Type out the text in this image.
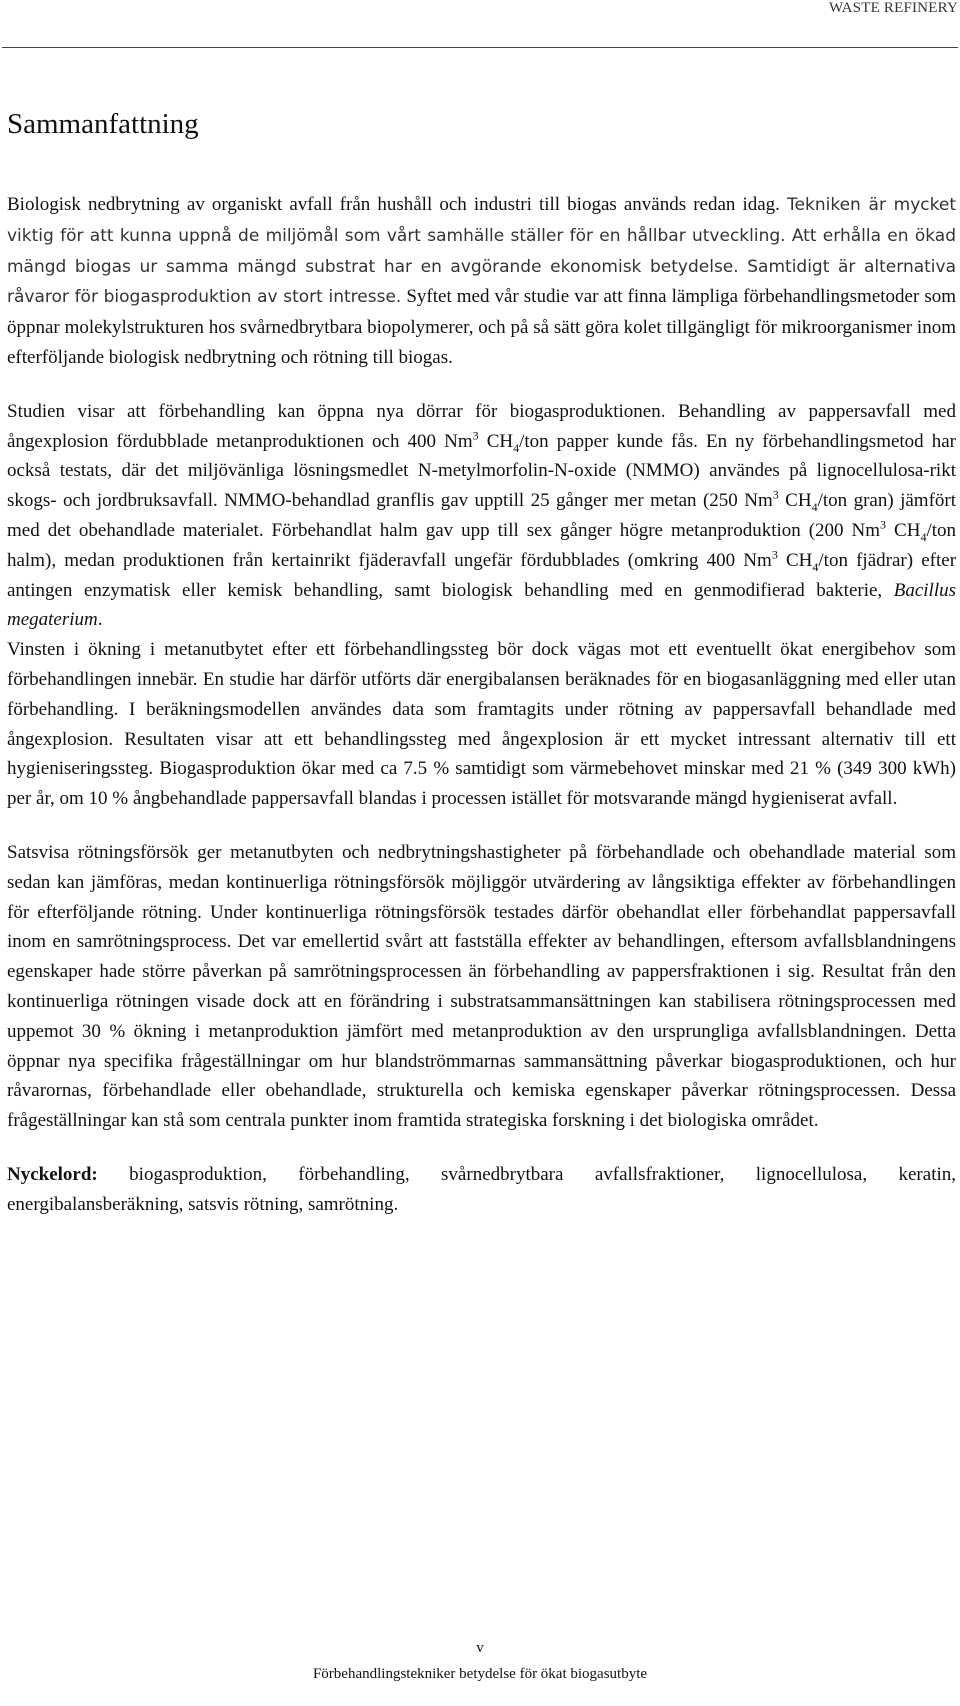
WASTE REFINERY
Sammanfattning

Biologisk nedbrytning av organiskt avfall från hushåll och industri till biogas används redan idag. Tekniken är mycket viktig för att kunna uppnå de miljömål som vårt samhälle ställer för en hållbar utveckling. Att erhålla en ökad mängd biogas ur samma mängd substrat har en avgörande ekonomisk betydelse. Samtidigt är alternativa råvaror för biogasproduktion av stort intresse. Syftet med vår studie var att finna lämpliga förbehandlingsmetoder som öppnar molekylstrukturen hos svårnedbrytbara biopolymerer, och på så sätt göra kolet tillgängligt för mikroorganismer inom efterföljande biologisk nedbrytning och rötning till biogas.

Studien visar att förbehandling kan öppna nya dörrar för biogasproduktionen. Behandling av pappersavfall med ångexplosion fördubblade metanproduktionen och 400 Nm$^3$ $CH_4$/ton papper kunde fås. En ny förbehandlingsmetod har också testats, där det miljövänliga lösningsmedlet N-metylmorfolin-N-oxide (NMMO) användes på lignocellulosa-rikt skogs- och jordbruksavfall. NMMO-behandlad granflis gav upptill 25 gånger mer metan (250 Nm$^3$ $CH_4$/ton gran) jämfört med det obehandlade materialet. Förbehandlat halm gav upp till sex gånger högre metanproduktion (200 Nm$^3$ $CH_4$/ton halm), medan produktionen från kertainrikt fjäderavfall ungefär fördubblades (omkring 400 Nm$^3$ $CH_4$/ton fjädrar) efter antingen enzymatisk eller kemisk behandling, samt biologisk behandling med en genmodifierad bakterie, Bacillus megaterium.
Vinsten i ökning i metanutbytet efter ett förbehandlingssteg bör dock vägas mot ett eventuellt ökat energibehov som förbehandlingen innebär. En studie har därför utförts där energibalansen beräknades för en biogasanläggning med eller utan förbehandling. I beräkningsmodellen användes data som framtagits under rötning av pappersavfall behandlade med ångexplosion. Resultaten visar att ett behandlingssteg med ångexplosion är ett mycket intressant alternativ till ett hygieniseringssteg. Biogasproduktion ökar med ca 7.5 % samtidigt som värmebehovet minskar med 21 % (349 300 kWh) per år, om 10 % ångbehandlade pappersavfall blandas i processen istället för motsvarande mängd hygieniserat avfall.

Satsvisa rötningsförsök ger metanutbyten och nedbrytningshastigheter på förbehandlade och obehandlade material som sedan kan jämföras, medan kontinuerliga rötningsförsök möjliggör utvärdering av långsiktiga effekter av förbehandlingen för efterföljande rötning. Under kontinuerliga rötningsförsök testades därför obehandlat eller förbehandlat pappersavfall inom en samrötningsprocess. Det var emellertid svårt att fastställa effekter av behandlingen, eftersom avfallsblandningens egenskaper hade större påverkan på samrötningsprocessen än förbehandling av pappersfraktionen i sig. Resultat från den kontinuerliga rötningen visade dock att en förändring i substratsammansättningen kan stabilisera rötningsprocessen med uppemot 30 % ökning i metanproduktion jämfört med metanproduktion av den ursprungliga avfallsblandningen. Detta öppnar nya specifika frågeställningar om hur blandströmmarnas sammansättning påverkar biogasproduktionen, och hur råvarornas, förbehandlade eller obehandlade, strukturella och kemiska egenskaper påverkar rötningsprocessen. Dessa frågeställningar kan stå som centrala punkter inom framtida strategiska forskning i det biologiska området.

Nyckelord: biogasproduktion, förbehandling, svårnedbrytbara avfallsfraktioner, lignocellulosa, keratin, energibalansberäkning, satsvis rötning, samrötning.

v
Förbehandlingstekniker betydelse för ökat biogasutbyte
